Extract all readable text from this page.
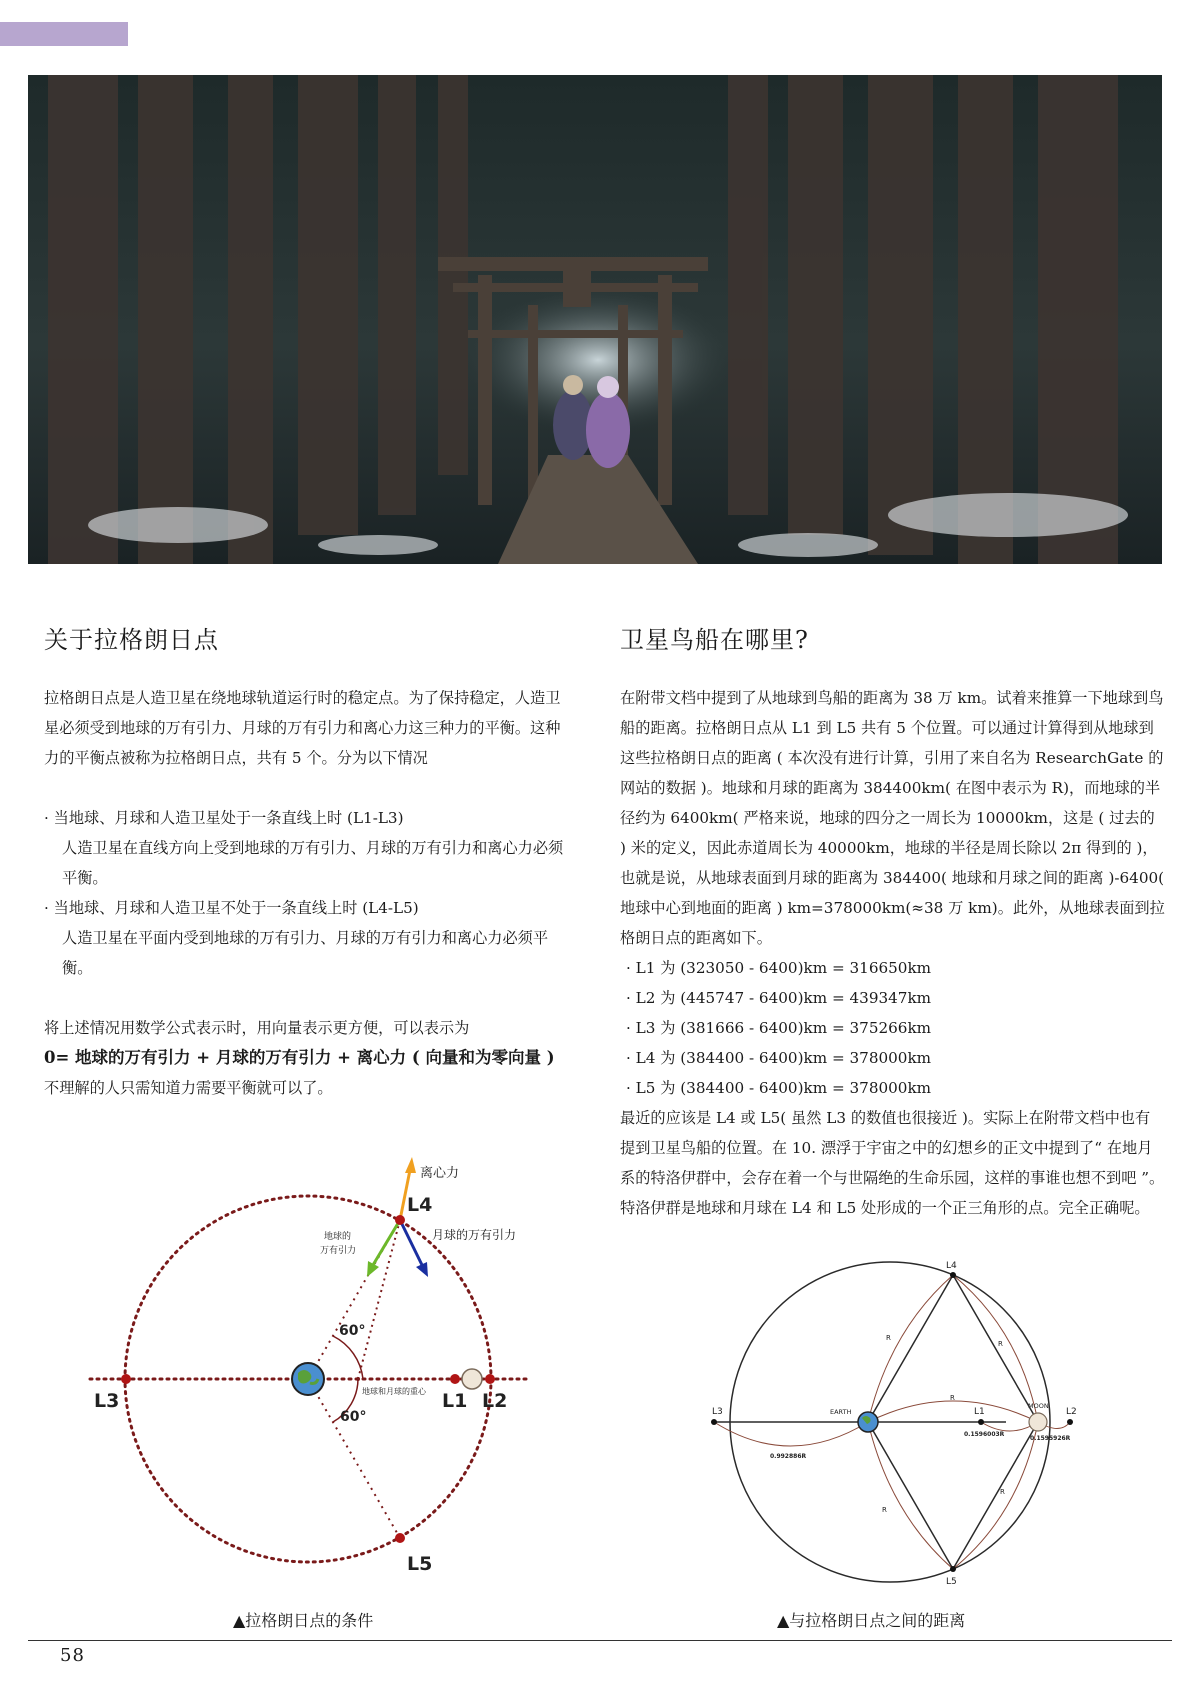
关于拉格朗日点	卫星鸟船在哪里?

拉格朗日点是人造卫星在绕地球轨道运行时的稳定点。为了保持稳定，人造卫星必须受到地球的万有引力、月球的万有引力和离心力这三种力的平衡。这种力的平衡点被称为拉格朗日点，共有 5 个。分为以下情况

· 当地球、月球和人造卫星处于一条直线上时 (L1-L3)

人造卫星在直线方向上受到地球的万有引力、月球的万有引力和离心力必须平衡。

· 当地球、月球和人造卫星不处于一条直线上时 (L4-L5)

人造卫星在平面内受到地球的万有引力、月球的万有引力和离心力必须平衡。

将上述情况用数学公式表示时，用向量表示更方便，可以表示为

0= 地球的万有引力 + 月球的万有引力 + 离心力 ( 向量和为零向量 )

不理解的人只需知道力需要平衡就可以了。

在附带文档中提到了从地球到鸟船的距离为 38 万 km。试着来推算一下地球到鸟船的距离。拉格朗日点从 L1 到 L5 共有 5 个位置。可以通过计算得到从地球到这些拉格朗日点的距离 ( 本次没有进行计算，引用了来自名为 ResearchGate 的网站的数据 )。地球和月球的距离为 384400km( 在图中表示为 R)，而地球的半径约为 6400km( 严格来说，地球的四分之一周长为 10000km，这是 ( 过去的 ) 米的定义，因此赤道周长为 40000km，地球的半径是周长除以 2π 得到的 )，也就是说，从地球表面到月球的距离为 384400( 地球和月球之间的距离 )-6400( 地球中心到地面的距离 ) km=378000km(≈38 万 km)。此外，从地球表面到拉格朗日点的距离如下。

· L1 为 (323050 - 6400)km = 316650km

· L2 为 (445747 - 6400)km = 439347km

· L3 为 (381666 - 6400)km = 375266km

· L4 为 (384400 - 6400)km = 378000km

· L5 为 (384400 - 6400)km = 378000km

最近的应该是 L4 或 L5( 虽然 L3 的数值也很接近 )。实际上在附带文档中也有提到卫星鸟船的位置。在 10. 漂浮于宇宙之中的幻想乡的正文中提到了“ 在地月系的特洛伊群中，会存在着一个与世隔绝的生命乐园，这样的事谁也想不到吧 ”。特洛伊群是地球和月球在 L4 和 L5 处形成的一个正三角形的点。完全正确呢。

离心力
地球的
万有引力
月球的万有引力
地球和月球的重心
60°
60°
L1 L2
L3
L4
L5
L4
L5
L3	L1	L2
EARTH
MOON
R
R
R
R
R
0.1596003R
0.1595926R
0.992886R
▲拉格朗日点的条件	▲与拉格朗日点之间的距离
58
